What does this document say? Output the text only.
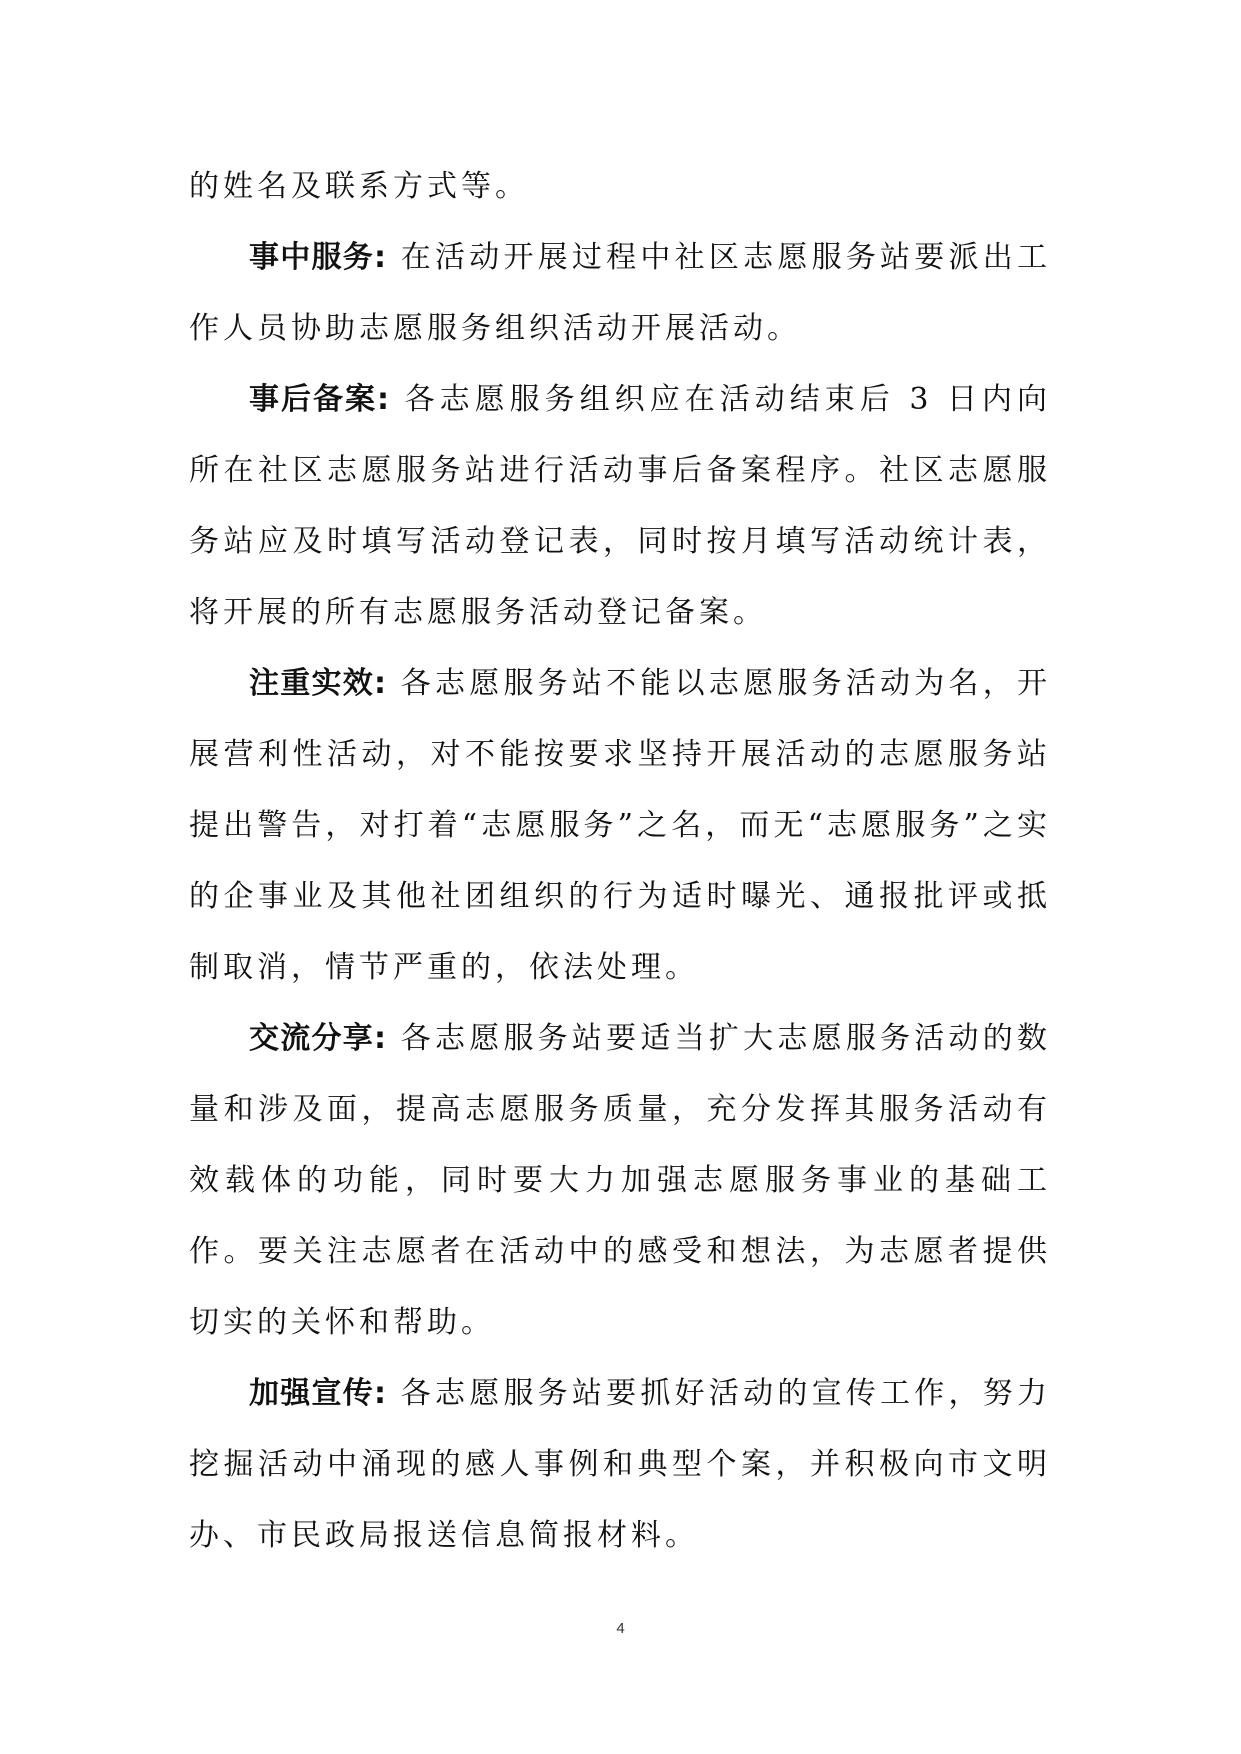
的姓名及联系方式等。

事中服务: 在活动开展过程中社区志愿服务站要派出工作人员协助志愿服务组织活动开展活动。

事后备案: 各志愿服务组织应在活动结束后 3 日内向所在社区志愿服务站进行活动事后备案程序。社区志愿服务站应及时填写活动登记表，同时按月填写活动统计表，将开展的所有志愿服务活动登记备案。

注重实效: 各志愿服务站不能以志愿服务活动为名，开展营利性活动，对不能按要求坚持开展活动的志愿服务站提出警告，对打着“志愿服务”之名，而无“志愿服务”之实的企事业及其他社团组织的行为适时曝光、通报批评或抵制取消，情节严重的，依法处理。

交流分享: 各志愿服务站要适当扩大志愿服务活动的数量和涉及面，提高志愿服务质量，充分发挥其服务活动有效载体的功能，同时要大力加强志愿服务事业的基础工作。要关注志愿者在活动中的感受和想法，为志愿者提供切实的关怀和帮助。

加强宣传: 各志愿服务站要抓好活动的宣传工作，努力挖掘活动中涌现的感人事例和典型个案，并积极向市文明办、市民政局报送信息简报材料。

4
